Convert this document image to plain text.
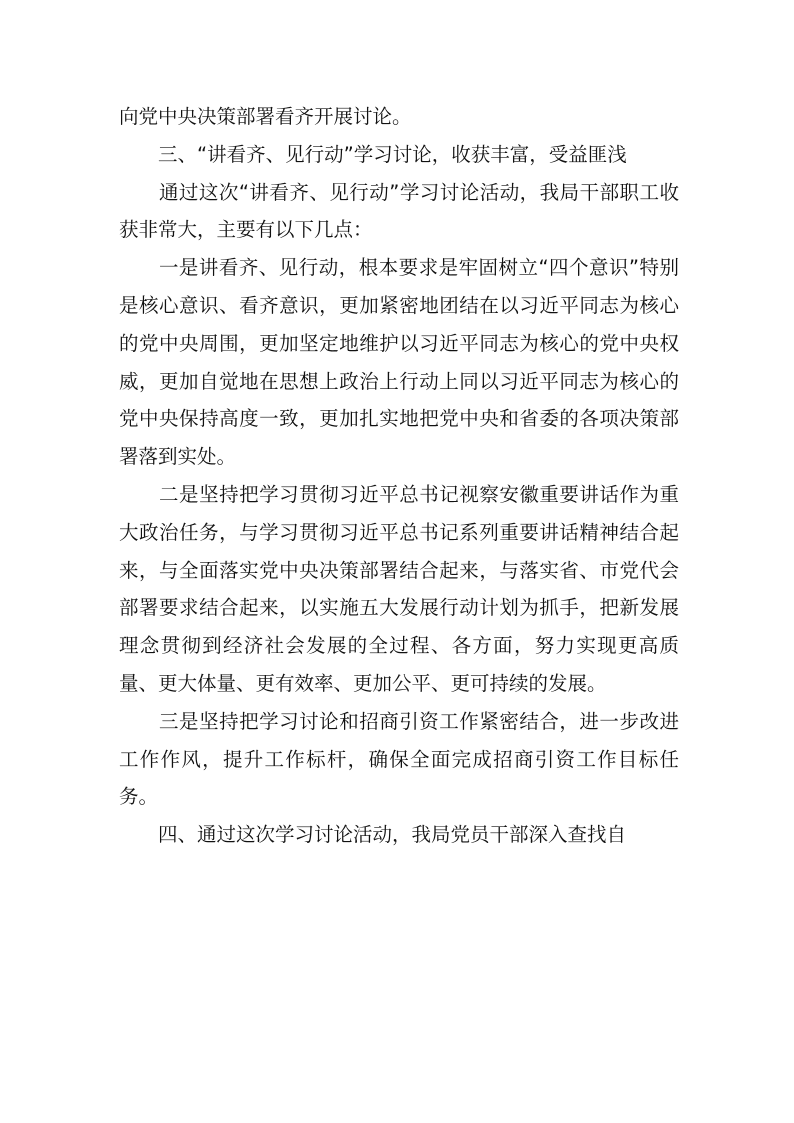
向党中央决策部署看齐开展讨论。

　　三、“讲看齐、见行动”学习讨论，收获丰富，受益匪浅

　　通过这次“讲看齐、见行动”学习讨论活动，我局干部职工收获非常大，主要有以下几点：

　　一是讲看齐、见行动，根本要求是牢固树立“四个意识”特别是核心意识、看齐意识，更加紧密地团结在以习近平同志为核心的党中央周围，更加坚定地维护以习近平同志为核心的党中央权威，更加自觉地在思想上政治上行动上同以习近平同志为核心的党中央保持高度一致，更加扎实地把党中央和省委的各项决策部署落到实处。

　　二是坚持把学习贯彻习近平总书记视察安徽重要讲话作为重大政治任务，与学习贯彻习近平总书记系列重要讲话精神结合起来，与全面落实党中央决策部署结合起来，与落实省、市党代会部署要求结合起来，以实施五大发展行动计划为抓手，把新发展理念贯彻到经济社会发展的全过程、各方面，努力实现更高质量、更大体量、更有效率、更加公平、更可持续的发展。

　　三是坚持把学习讨论和招商引资工作紧密结合，进一步改进工作作风，提升工作标杆，确保全面完成招商引资工作目标任务。

　　四、通过这次学习讨论活动，我局党员干部深入查找自
